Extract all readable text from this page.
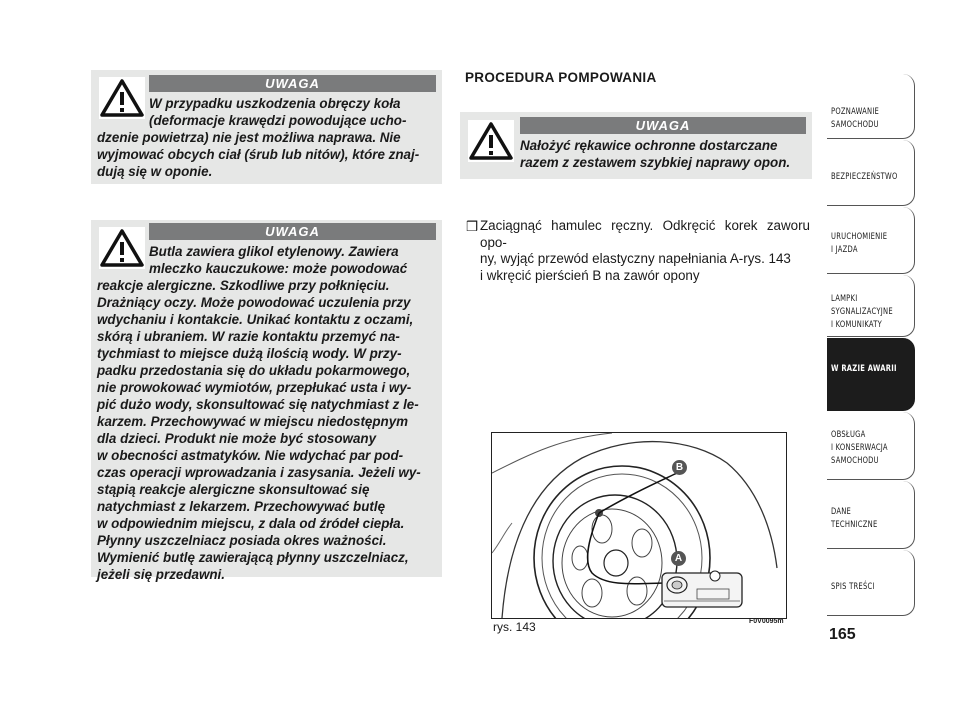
UWAGA

W przypadku uszkodzenia obręczy koła
(deformacje krawędzi powodujące ucho-

dzenie powietrza) nie jest możliwa naprawa. Nie
wyjmować obcych ciał (śrub lub nitów), które znaj-
dują się w oponie.

UWAGA

Butla zawiera glikol etylenowy. Zawiera
mleczko kauczukowe: może powodować

reakcje alergiczne. Szkodliwe przy połknięciu.
Drażniący oczy. Może powodować uczulenia przy
wdychaniu i kontakcie. Unikać kontaktu z oczami,
skórą i ubraniem. W razie kontaktu przemyć na-
tychmiast to miejsce dużą ilością wody. W przy-
padku przedostania się do układu pokarmowego,
nie prowokować wymiotów, przepłukać usta i wy-
pić dużo wody, skonsultować się natychmiast z le-
karzem. Przechowywać w miejscu niedostępnym
dla dzieci. Produkt nie może być stosowany
w obecności astmatyków. Nie wdychać par pod-
czas operacji wprowadzania i zasysania. Jeżeli wy-
stąpią reakcje alergiczne skonsultować się
natychmiast z lekarzem. Przechowywać butlę
w odpowiednim miejscu, z dala od źródeł ciepła.
Płynny uszczelniacz posiada okres ważności.
Wymienić butlę zawierającą płynny uszczelniacz,
jeżeli się przedawni.

PROCEDURA POMPOWANIA
UWAGA

Nałożyć rękawice ochronne dostarczane
razem z zestawem szybkiej naprawy opon.

❒ Zaciągnąć hamulec ręczny. Odkręcić korek zaworu opo-
ny, wyjąć przewód elastyczny napełniania A-rys. 143
i wkręcić pierścień B na zawór opony
B
A
rys. 143	F0V0095m
165
POZNAWANIE
SAMOCHODU
BEZPIECZEŃSTWO
URUCHOMIENIE
I JAZDA
LAMPKI
SYGNALIZACYJNE
I KOMUNIKATY
W RAZIE AWARII
OBSŁUGA
I KONSERWACJA
SAMOCHODU
DANE
TECHNICZNE
SPIS TREŚCI
